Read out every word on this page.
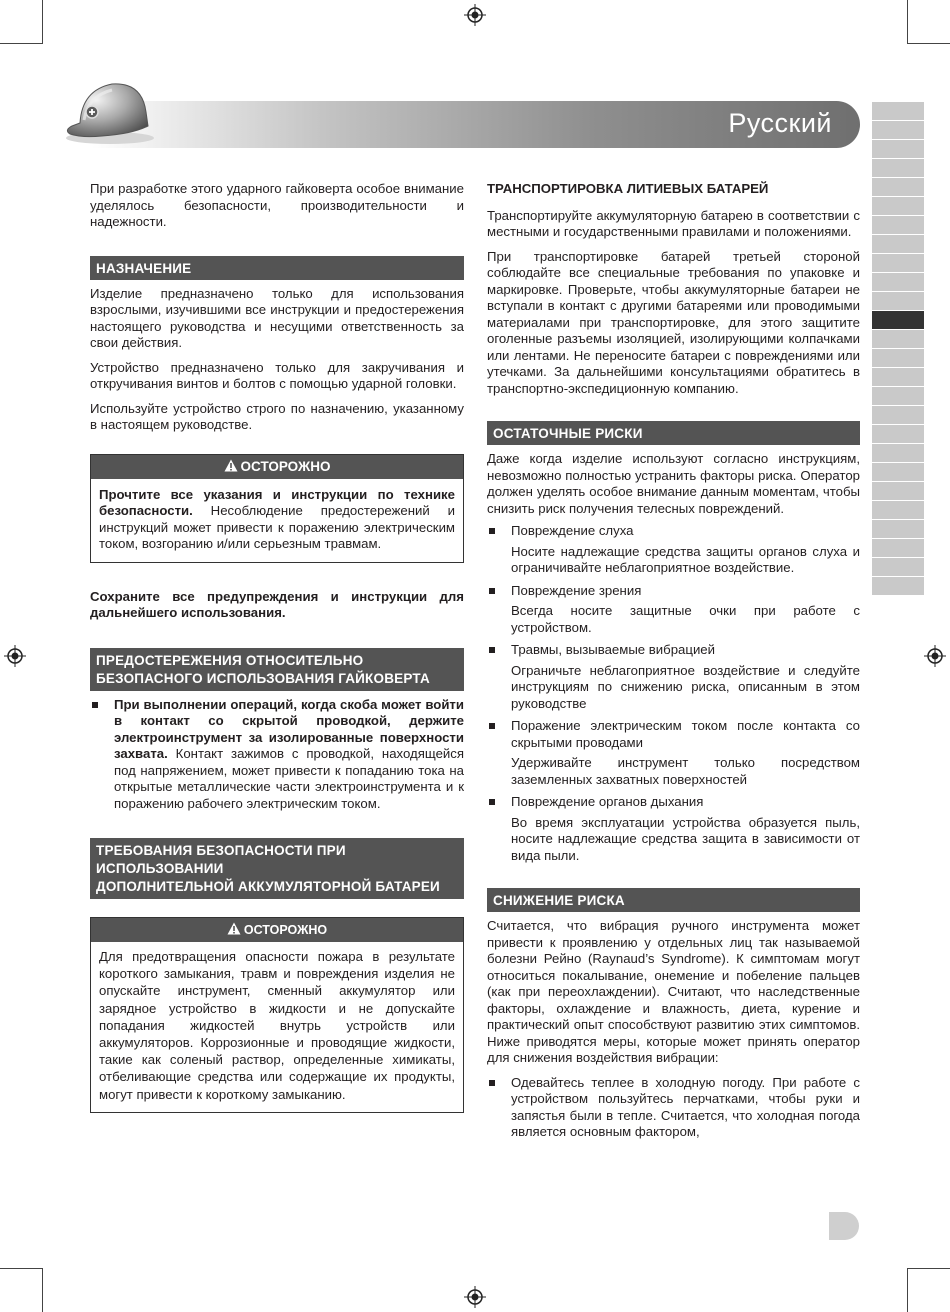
Русский

При разработке этого ударного гайковерта особое внимание уделялось безопасности, производительности и надежности.

НАЗНАЧЕНИЕ

Изделие предназначено только для использования взрослыми, изучившими все инструкции и предостережения настоящего руководства и несущими ответственность за свои действия.

Устройство предназначено только для закручивания и откручивания винтов и болтов с помощью ударной головки.

Используйте устройство строго по назначению, указанному в настоящем руководстве.

ОСТОРОЖНО
Прочтите все указания и инструкции по технике безопасности. Несоблюдение предостережений и инструкций может привести к поражению электрическим током, возгоранию и/или серьезным травмам.

Сохраните все предупреждения и инструкции для дальнейшего использования.

ПРЕДОСТЕРЕЖЕНИЯ ОТНОСИТЕЛЬНО
БЕЗОПАСНОГО ИСПОЛЬЗОВАНИЯ ГАЙКОВЕРТА
При выполнении операций, когда скоба может войти в контакт со скрытой проводкой, держите электроинструмент за изолированные поверхности захвата. Контакт зажимов с проводкой, находящейся под напряжением, может привести к попаданию тока на открытые металлические части электроинструмента и к поражению рабочего электрическим током.
ТРЕБОВАНИЯ БЕЗОПАСНОСТИ ПРИ ИСПОЛЬЗОВАНИИ
ДОПОЛНИТЕЛЬНОЙ АККУМУЛЯТОРНОЙ БАТАРЕИ
ОСТОРОЖНО
Для предотвращения опасности пожара в результате короткого замыкания, травм и повреждения изделия не опускайте инструмент, сменный аккумулятор или зарядное устройство в жидкости и не допускайте попадания жидкостей внутрь устройств или аккумуляторов. Коррозионные и проводящие жидкости, такие как соленый раствор, определенные химикаты, отбеливающие средства или содержащие их продукты, могут привести к короткому замыканию.
ТРАНСПОРТИРОВКА ЛИТИЕВЫХ БАТАРЕЙ

Транспортируйте аккумуляторную батарею в соответствии с местными и государственными правилами и положениями.

При транспортировке батарей третьей стороной соблюдайте все специальные требования по упаковке и маркировке. Проверьте, чтобы аккумуляторные батареи не вступали в контакт с другими батареями или проводимыми материалами при транспортировке, для этого защитите оголенные разъемы изоляцией, изолирующими колпачками или лентами. Не переносите батареи с повреждениями или утечками. За дальнейшими консультациями обратитесь в транспортно-экспедиционную компанию.

ОСТАТОЧНЫЕ РИСКИ

Даже когда изделие используют согласно инструкциям, невозможно полностью устранить факторы риска. Оператор должен уделять особое внимание данным моментам, чтобы снизить риск получения телесных повреждений.

Повреждение слуха
Носите надлежащие средства защиты органов слуха и ограничивайте неблагоприятное воздействие.
Повреждение зрения
Всегда носите защитные очки при работе с устройством.
Травмы, вызываемые вибрацией
Ограничьте неблагоприятное воздействие и следуйте инструкциям по снижению риска, описанным в этом руководстве
Поражение электрическим током после контакта со скрытыми проводами
Удерживайте инструмент только посредством заземленных захватных поверхностей
Повреждение органов дыхания
Во время эксплуатации устройства образуется пыль, носите надлежащие средства защита в зависимости от вида пыли.
СНИЖЕНИЕ РИСКА

Считается, что вибрация ручного инструмента может привести к проявлению у отдельных лиц так называемой болезни Рейно (Raynaud’s Syndrome). К симптомам могут относиться покалывание, онемение и побеление пальцев (как при переохлаждении). Считают, что наследственные факторы, охлаждение и влажность, диета, курение и практический опыт способствуют развитию этих симптомов. Ниже приводятся меры, которые может принять оператор для снижения воздействия вибрации:

Одевайтесь теплее в холодную погоду. При работе с устройством пользуйтесь перчатками, чтобы руки и запястья были в тепле. Считается, что холодная погода является основным фактором,
